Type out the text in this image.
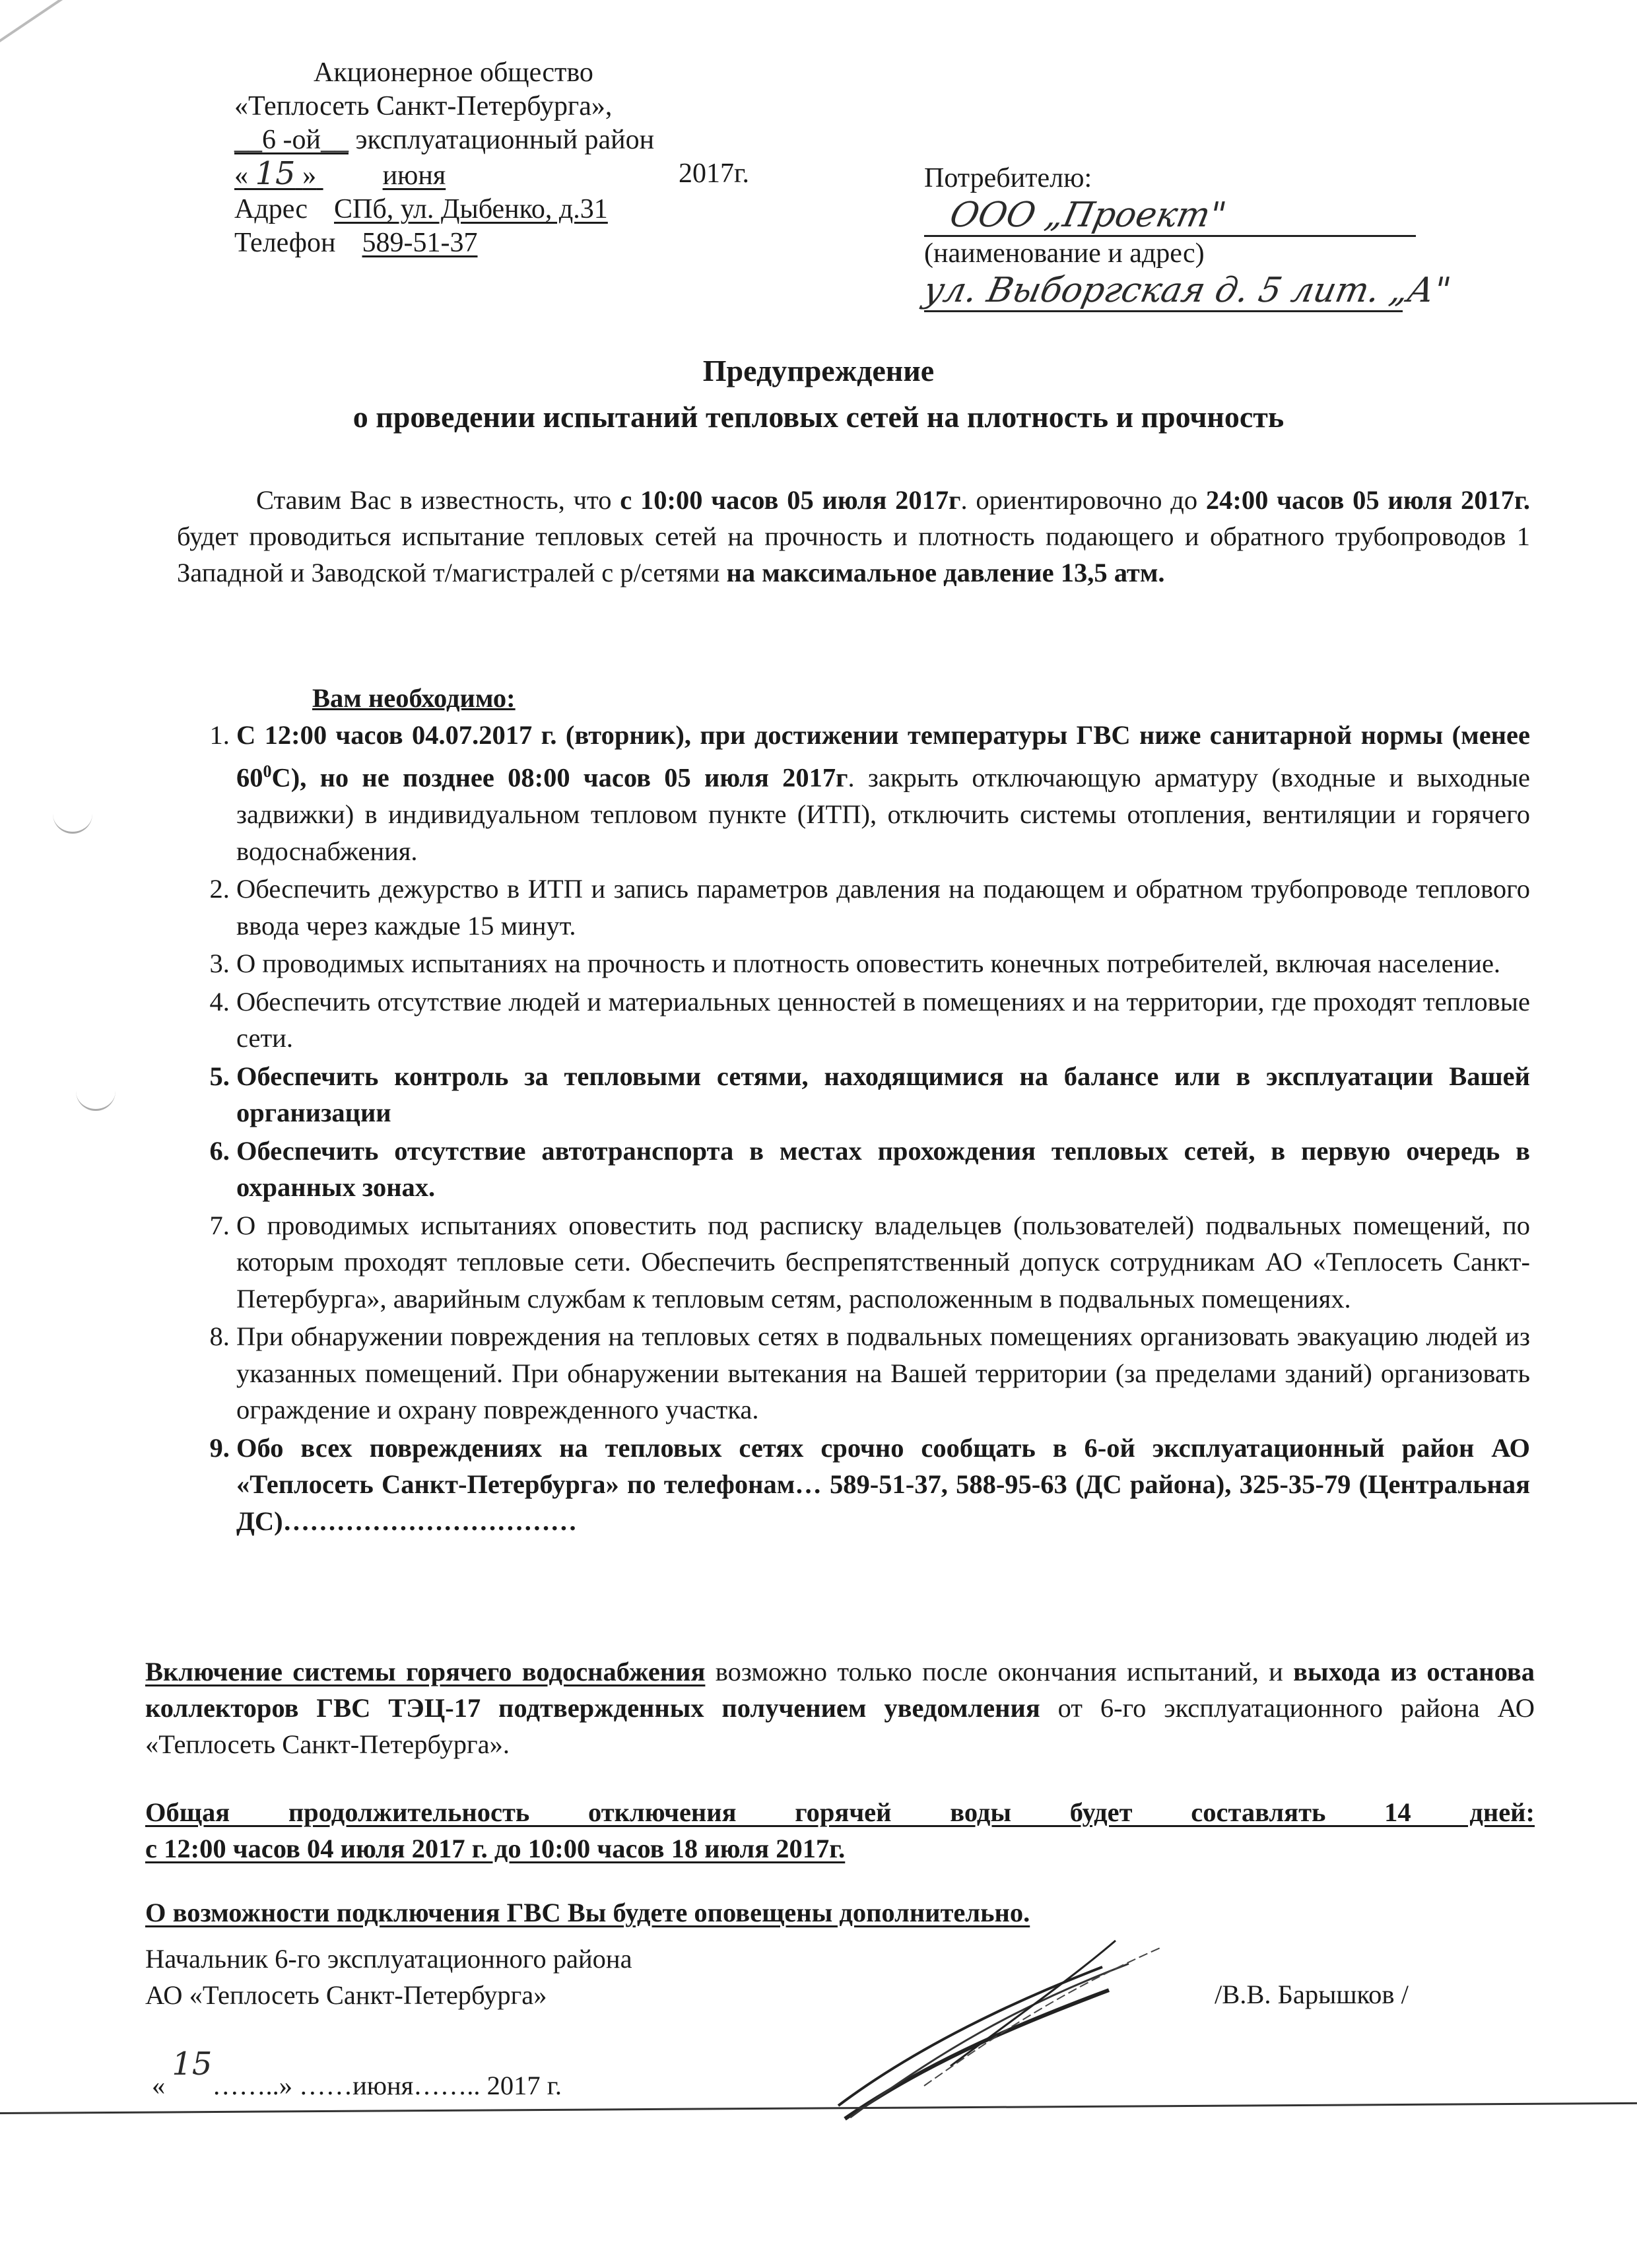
Акционерное общество
«Теплосеть Санкт-Петербурга»,
__6 -ой__ эксплуатационный район
« 15 » июня	2017г.
Адрес СПб, ул. Дыбенко, д.31
Телефон 589-51-37
Потребителю:
ООО „Проект"
(наименование и адрес)
ул. Выборгская д. 5 лит. „А"
Предупреждение
о проведении испытаний тепловых сетей на плотность и прочность
Ставим Вас в известность, что с 10:00 часов 05 июля 2017г. ориентировочно до 24:00 часов 05 июля 2017г. будет проводиться испытание тепловых сетей на прочность и плотность подающего и обратного трубопроводов 1 Западной и Заводской т/магистралей с р/сетями на максимальное давление 13,5 атм.
Вам необходимо:
1. С 12:00 часов 04.07.2017 г. (вторник), при достижении температуры ГВС ниже санитарной нормы (менее $60^0С$), но не позднее 08:00 часов 05 июля 2017г. закрыть отключающую арматуру (входные и выходные задвижки) в индивидуальном тепловом пункте (ИТП), отключить системы отопления, вентиляции и горячего водоснабжения.
2. Обеспечить дежурство в ИТП и запись параметров давления на подающем и обратном трубопроводе теплового ввода через каждые 15 минут.
3. О проводимых испытаниях на прочность и плотность оповестить конечных потребителей, включая население.
4. Обеспечить отсутствие людей и материальных ценностей в помещениях и на территории, где проходят тепловые сети.
5. Обеспечить контроль за тепловыми сетями, находящимися на балансе или в эксплуатации Вашей организации
6. Обеспечить отсутствие автотранспорта в местах прохождения тепловых сетей, в первую очередь в охранных зонах.
7. О проводимых испытаниях оповестить под расписку владельцев (пользователей) подвальных помещений, по которым проходят тепловые сети. Обеспечить беспрепятственный допуск сотрудникам АО «Теплосеть Санкт-Петербурга», аварийным службам к тепловым сетям, расположенным в подвальных помещениях.
8. При обнаружении повреждения на тепловых сетях в подвальных помещениях организовать эвакуацию людей из указанных помещений. При обнаружении вытекания на Вашей территории (за пределами зданий) организовать ограждение и охрану поврежденного участка.
9. Обо всех повреждениях на тепловых сетях срочно сообщать в 6-ой эксплуатационный район АО «Теплосеть Санкт-Петербурга» по телефонам… 589-51-37, 588-95-63 (ДС района), 325-35-79 (Центральная ДС)……………………………
Включение системы горячего водоснабжения возможно только после окончания испытаний, и выхода из останова коллекторов ГВС ТЭЦ-17 подтвержденных получением уведомления от 6-го эксплуатационного района АО «Теплосеть Санкт-Петербурга».
Общая продолжительность отключения горячей воды будет составлять 14 дней:
с 12:00 часов 04 июля 2017 г. до 10:00 часов 18 июля 2017г.
О возможности подключения ГВС Вы будете оповещены дополнительно.
Начальник 6-го эксплуатационного района
АО «Теплосеть Санкт-Петербурга»	/В.В. Барышков /
« 15……..» ……июня…….. 2017 г.
